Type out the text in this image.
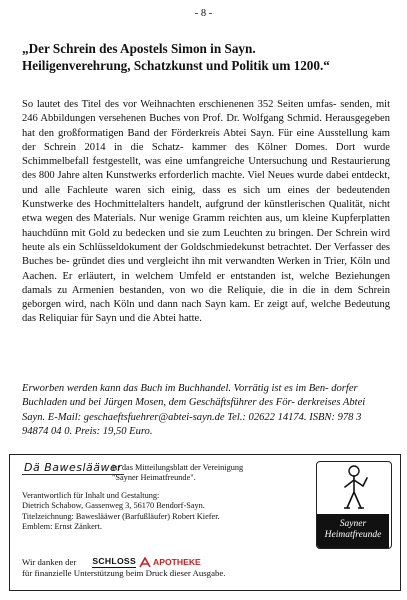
- 8 -
„Der Schrein des Apostels Simon in Sayn.
Heiligenverehrung, Schatzkunst und Politik um 1200.“

So lautet des Titel des vor Weihnachten erschienenen 352 Seiten umfas- senden, mit 246 Abbildungen versehenen Buches von Prof. Dr. Wolfgang Schmid. Herausgegeben hat den großformatigen Band der Förderkreis Abtei Sayn. Für eine Ausstellung kam der Schrein 2014 in die Schatz- kammer des Kölner Domes. Dort wurde Schimmelbefall festgestellt, was eine umfangreiche Untersuchung und Restaurierung des 800 Jahre alten Kunstwerks erforderlich machte. Viel Neues wurde dabei entdeckt, und alle Fachleute waren sich einig, dass es sich um eines der bedeutenden Kunstwerke des Hochmittelalters handelt, aufgrund der künstlerischen Qualität, nicht etwa wegen des Materials. Nur wenige Gramm reichten aus, um kleine Kupferplatten hauchdünn mit Gold zu bedecken und sie zum Leuchten zu bringen. Der Schrein wird heute als ein Schlüsseldokument der Goldschmiedekunst betrachtet. Der Verfasser des Buches be- gründet dies und vergleicht ihn mit verwandten Werken in Trier, Köln und Aachen. Er erläutert, in welchem Umfeld er entstanden ist, welche Beziehungen damals zu Armenien bestanden, von wo die Reliquie, die in die in dem Schrein geborgen wird, nach Köln und dann nach Sayn kam. Er zeigt auf, welche Bedeutung das Reliquiar für Sayn und die Abtei hatte.

Erworben werden kann das Buch im Buchhandel. Vorrätig ist es im Ben- dorfer Buchladen und bei Jürgen Mosen, dem Geschäftsführer des För- derkreises Abtei Sayn. E-Mail: geschaeftsfuehrer@abtei-sayn.de Tel.: 02622 14174. ISBN: 978 3 94874 04 0. Preis: 19,50 Euro.

Dä Baweslääwer
ist das Mitteilungsblatt der Vereinigung
"Sayner Heimatfreunde".
Verantwortlich für Inhalt und Gestaltung:
Dietrich Schabow, Gassenweg 3, 56170 Bendorf-Sayn.
Titelzeichnung: Baweslääwer (Barfußläufer) Robert Kiefer.
Emblem: Ernst Zänkert.
Wir danken der SCHLOSS APOTHEKE
für finanzielle Unterstützung beim Druck dieser Ausgabe.
Sayner
Heimatfreunde
